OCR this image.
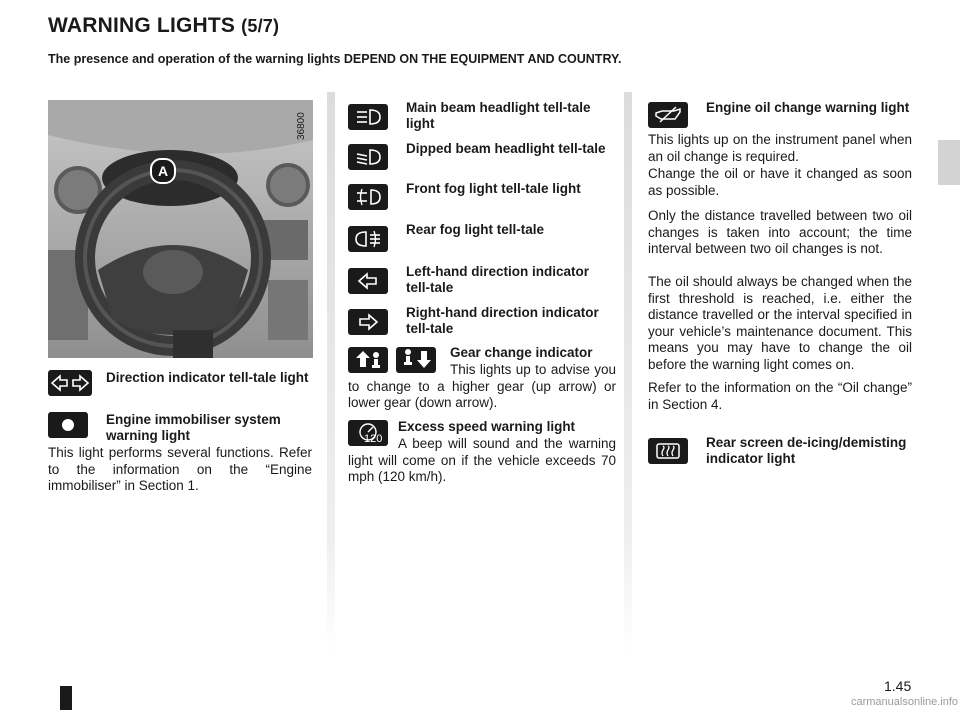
WARNING LIGHTS (5/7)
The presence and operation of the warning lights DEPEND ON THE EQUIPMENT AND COUNTRY.
36800
A
Direction indicator tell-tale light
Engine immobiliser system warning light
This light performs several functions. Refer to the information on the “Engine immobiliser” in Section 1.
Main beam headlight tell-tale light
Dipped beam headlight tell-tale
Front fog light tell-tale light
Rear fog light tell-tale
Left-hand direction indicator tell-tale
Right-hand direction indicator tell-tale
Gear change indicator
This lights up to advise you to change to a higher gear (up arrow) or lower gear (down arrow).
120
Excess speed warning light
A beep will sound and the warning light will come on if the vehicle exceeds 70 mph (120 km/h).
Engine oil change warning light
This lights up on the instrument panel when an oil change is required.
Change the oil or have it changed as soon as possible.
Only the distance travelled between two oil changes is taken into account; the time interval between two oil changes is not.
The oil should always be changed when the first threshold is reached, i.e. either the distance travelled or the interval specified in your vehicle’s maintenance document. This means you may have to change the oil before the warning light comes on.
Refer to the information on the “Oil change” in Section 4.
Rear screen de-icing/demisting indicator light
1.45
carmanualsonline.info
